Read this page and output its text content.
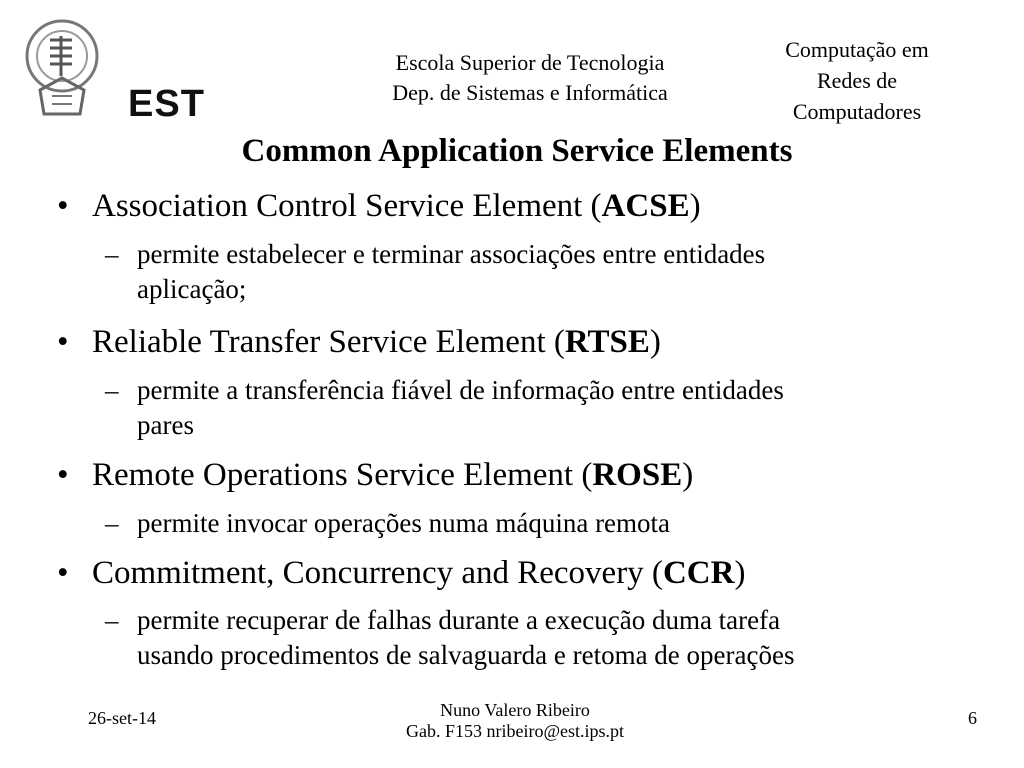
EST
Escola Superior de Tecnologia
Dep. de Sistemas e Informática
Computação em
Redes de
Computadores
Common Application Service Elements
• Association Control Service Element (ACSE)
– permite estabelecer e terminar associações entre entidades
aplicação;
• Reliable Transfer Service Element (RTSE)
– permite a transferência fiável de informação entre entidades
pares
• Remote Operations Service Element (ROSE)
– permite invocar operações numa máquina remota
• Commitment, Concurrency and Recovery (CCR)
– permite recuperar de falhas durante a execução duma tarefa
usando procedimentos de salvaguarda e retoma de operações
26-set-14	Nuno Valero Ribeiro
Gab. F153 nribeiro@est.ips.pt
6
